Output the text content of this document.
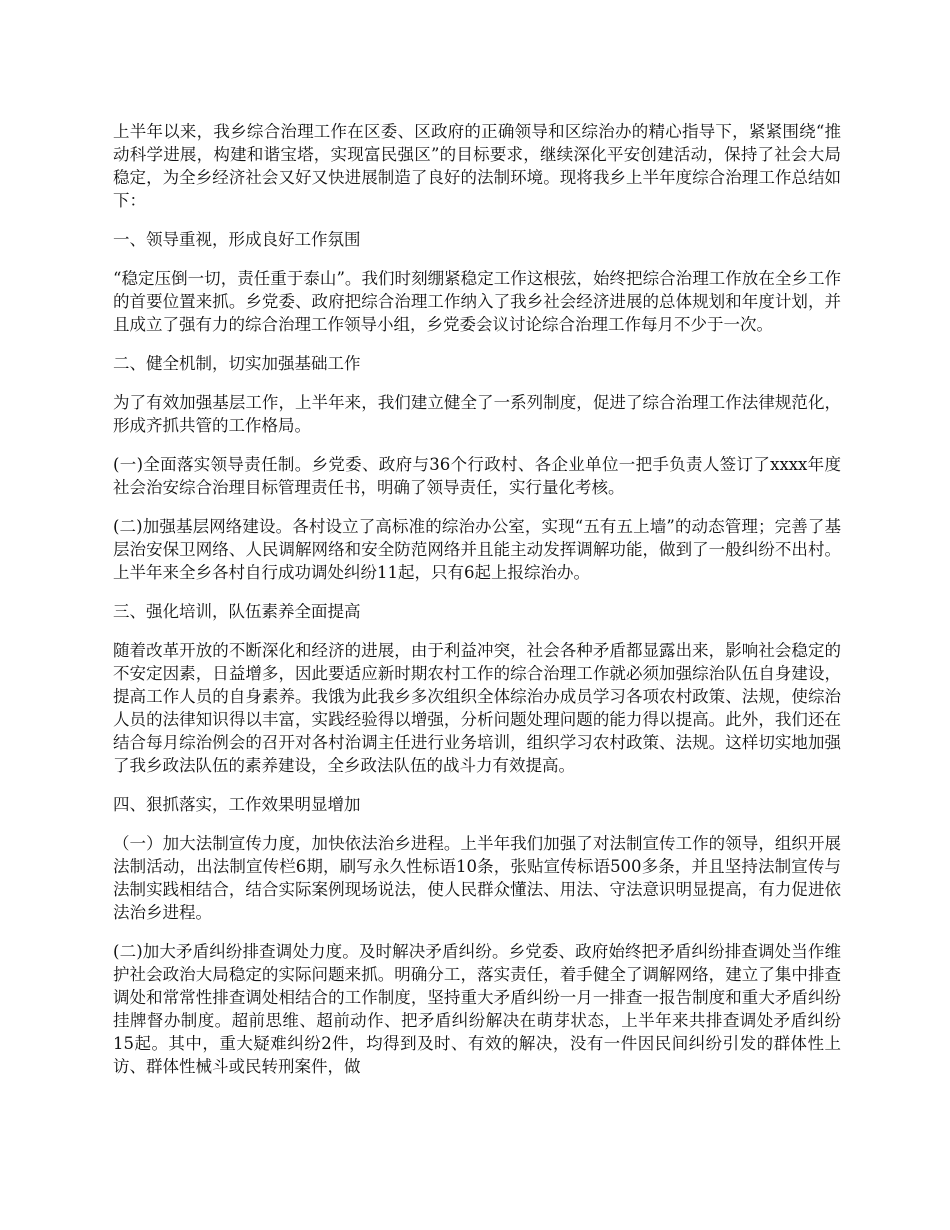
上半年以来，我乡综合治理工作在区委、区政府的正确领导和区综治办的精心指导下，紧紧围绕“推动科学进展，构建和谐宝塔，实现富民强区”的目标要求，继续深化平安创建活动，保持了社会大局稳定，为全乡经济社会又好又快进展制造了良好的法制环境。现将我乡上半年度综合治理工作总结如下：

一、领导重视，形成良好工作氛围

“稳定压倒一切，责任重于泰山”。我们时刻绷紧稳定工作这根弦，始终把综合治理工作放在全乡工作的首要位置来抓。乡党委、政府把综合治理工作纳入了我乡社会经济进展的总体规划和年度计划，并且成立了强有力的综合治理工作领导小组，乡党委会议讨论综合治理工作每月不少于一次。

二、健全机制，切实加强基础工作

为了有效加强基层工作，上半年来，我们建立健全了一系列制度，促进了综合治理工作法律规范化，形成齐抓共管的工作格局。

(一)全面落实领导责任制。乡党委、政府与36个行政村、各企业单位一把手负责人签订了xxxx年度社会治安综合治理目标管理责任书，明确了领导责任，实行量化考核。

(二)加强基层网络建设。各村设立了高标准的综治办公室，实现“五有五上墙”的动态管理；完善了基层治安保卫网络、人民调解网络和安全防范网络并且能主动发挥调解功能，做到了一般纠纷不出村。上半年来全乡各村自行成功调处纠纷11起，只有6起上报综治办。

三、强化培训，队伍素养全面提高

随着改革开放的不断深化和经济的进展，由于利益冲突，社会各种矛盾都显露出来，影响社会稳定的不安定因素，日益增多，因此要适应新时期农村工作的综合治理工作就必须加强综治队伍自身建设，提高工作人员的自身素养。我饿为此我乡多次组织全体综治办成员学习各项农村政策、法规，使综治人员的法律知识得以丰富，实践经验得以增强，分析问题处理问题的能力得以提高。此外，我们还在结合每月综治例会的召开对各村治调主任进行业务培训，组织学习农村政策、法规。这样切实地加强了我乡政法队伍的素养建设，全乡政法队伍的战斗力有效提高。

四、狠抓落实，工作效果明显增加

（一）加大法制宣传力度，加快依法治乡进程。上半年我们加强了对法制宣传工作的领导，组织开展法制活动，出法制宣传栏6期，刷写永久性标语10条，张贴宣传标语500多条，并且坚持法制宣传与法制实践相结合，结合实际案例现场说法，使人民群众懂法、用法、守法意识明显提高，有力促进依法治乡进程。

(二)加大矛盾纠纷排查调处力度。及时解决矛盾纠纷。乡党委、政府始终把矛盾纠纷排查调处当作维护社会政治大局稳定的实际问题来抓。明确分工，落实责任，着手健全了调解网络，建立了集中排查调处和常常性排查调处相结合的工作制度，坚持重大矛盾纠纷一月一排查一报告制度和重大矛盾纠纷挂牌督办制度。超前思维、超前动作、把矛盾纠纷解决在萌芽状态，上半年来共排查调处矛盾纠纷15起。其中，重大疑难纠纷2件，均得到及时、有效的解决，没有一件因民间纠纷引发的群体性上访、群体性械斗或民转刑案件，做
